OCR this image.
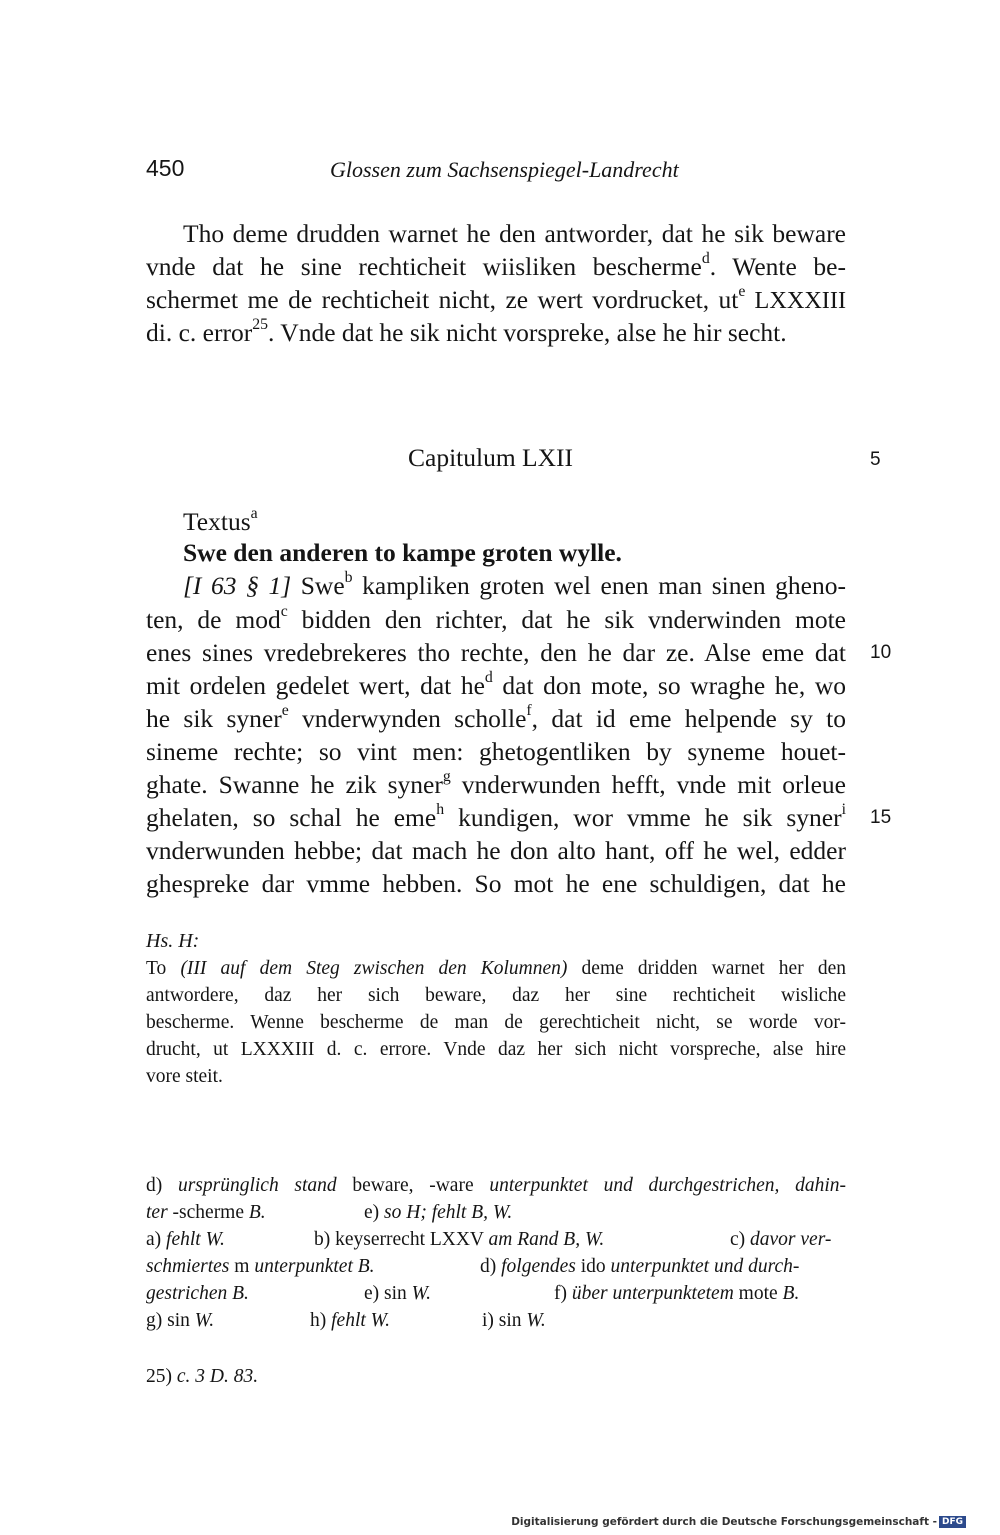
450	Glossen zum Sachsenspiegel-Landrecht
Tho deme drudden warnet he den antworder, dat he sik beware
vnde dat he sine rechticheit wiisliken bescherme$^d$. Wente be-
schermet me de rechticheit nicht, ze wert vordrucket, $ut^e$ LXXXIII
di. c. error$^{25}$. Vnde dat he sik nicht vorspreke, alse he hir secht.
Capitulum LXII	5
Textus$^a$
Swe den anderen to kampe groten wylle.
[I 63 § 1] Swe$^b$ kampliken groten wel enen man sinen gheno-
ten, de mod$^c$ bidden den richter, dat he sik vnderwinden mote
enes sines vredebrekeres tho rechte, den he dar ze. Alse eme dat 10
mit ordelen gedelet wert, dat $he^d$ dat don mote, so wraghe he, wo
he sik syner$^e$ vnderwynden scholle$^f$, dat id eme helpende sy to
sineme rechte; so vint men: ghetogentliken by syneme houet-
ghate. Swanne he zik syner$^g$ vnderwunden hefft, vnde mit orleue
ghelaten, so schal he eme$^h$ kundigen, wor vmme he sik syner$^i$ 15
vnderwunden hebbe; dat mach he don alto hant, off he wel, edder
ghespreke dar vmme hebben. So mot he ene schuldigen, dat he
Hs. H:
To (III auf dem Steg zwischen den Kolumnen) deme dridden warnet her den
antwordere, daz her sich beware, daz her sine rechticheit wisliche
bescherme. Wenne bescherme de man de gerechticheit nicht, se worde vor-
drucht, ut LXXXIII d. c. errore. Vnde daz her sich nicht vorspreche, alse hire
vore steit.
d) ursprünglich stand beware, -ware unterpunktet und durchgestrichen, dahin-
ter -scherme B.	e) so H; fehlt B, W.
a) fehlt W.	b) keyserrecht LXXV am Rand B, W.	c) davor ver-
schmiertes m unterpunktet B.	d) folgendes ido unterpunktet und durch-
gestrichen B.	e) sin W.	f) über unterpunktetem mote B.
g) sin W.	h) fehlt W.	i) sin W.
25) c. 3 D. 83.
Digitalisierung gefördert durch die Deutsche Forschungsgemeinschaft - DFG
